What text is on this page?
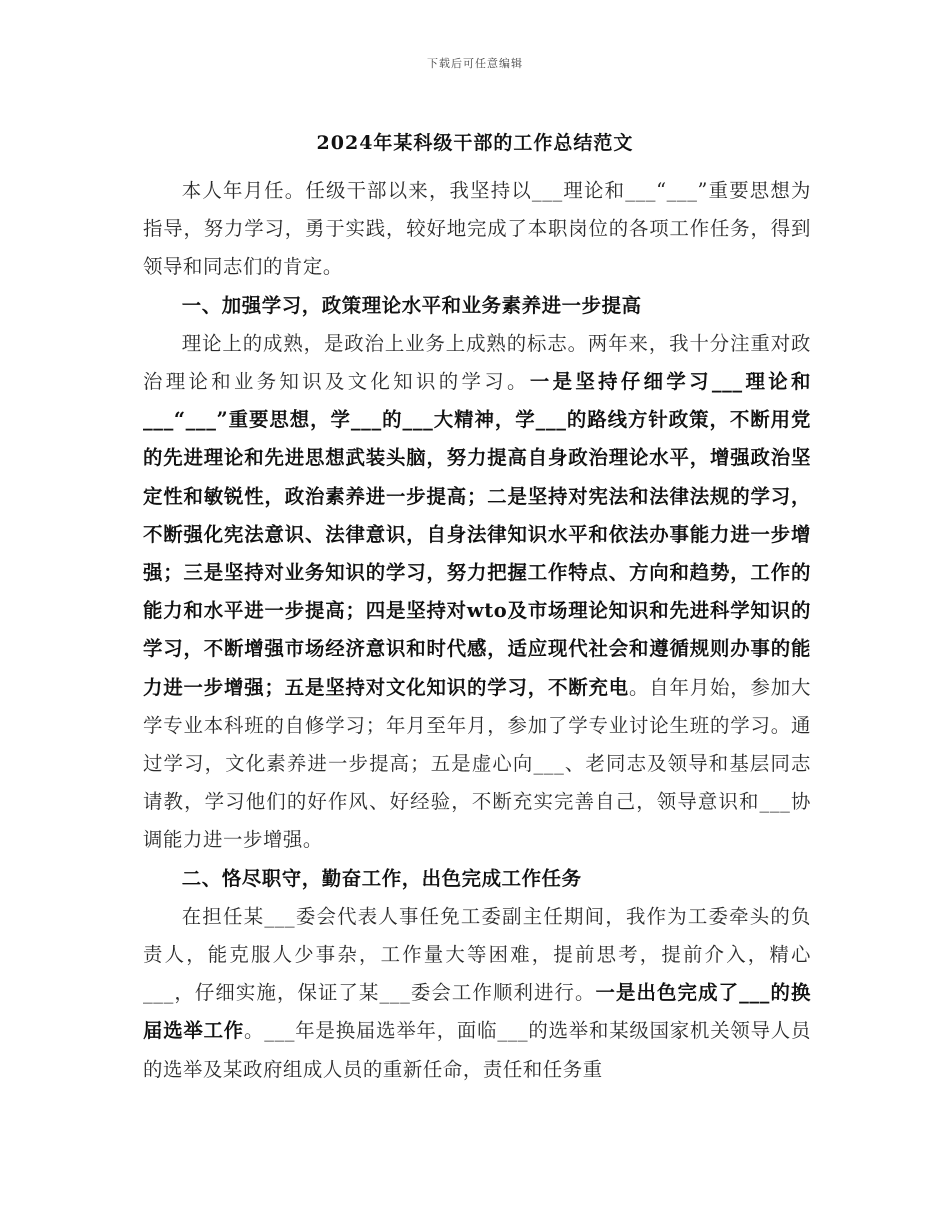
下载后可任意编辑
2024年某科级干部的工作总结范文

本人年月任。任级干部以来，我坚持以___理论和___“___”重要思想为指导，努力学习，勇于实践，较好地完成了本职岗位的各项工作任务，得到领导和同志们的肯定。

一、加强学习，政策理论水平和业务素养进一步提高

理论上的成熟，是政治上业务上成熟的标志。两年来，我十分注重对政治理论和业务知识及文化知识的学习。一是坚持仔细学习___理论和___“___”重要思想，学___的___大精神，学___的路线方针政策，不断用党的先进理论和先进思想武装头脑，努力提高自身政治理论水平，增强政治坚定性和敏锐性，政治素养进一步提高；二是坚持对宪法和法律法规的学习，不断强化宪法意识、法律意识，自身法律知识水平和依法办事能力进一步增强；三是坚持对业务知识的学习，努力把握工作特点、方向和趋势，工作的能力和水平进一步提高；四是坚持对wto及市场理论知识和先进科学知识的学习，不断增强市场经济意识和时代感，适应现代社会和遵循规则办事的能力进一步增强；五是坚持对文化知识的学习，不断充电。自年月始，参加大学专业本科班的自修学习；年月至年月，参加了学专业讨论生班的学习。通过学习，文化素养进一步提高；五是虚心向___、老同志及领导和基层同志请教，学习他们的好作风、好经验，不断充实完善自己，领导意识和___协调能力进一步增强。

二、恪尽职守，勤奋工作，出色完成工作任务

在担任某___委会代表人事任免工委副主任期间，我作为工委牵头的负责人，能克服人少事杂，工作量大等困难，提前思考，提前介入，精心___，仔细实施，保证了某___委会工作顺利进行。一是出色完成了___的换届选举工作。___年是换届选举年，面临___的选举和某级国家机关领导人员的选举及某政府组成人员的重新任命，责任和任务重
